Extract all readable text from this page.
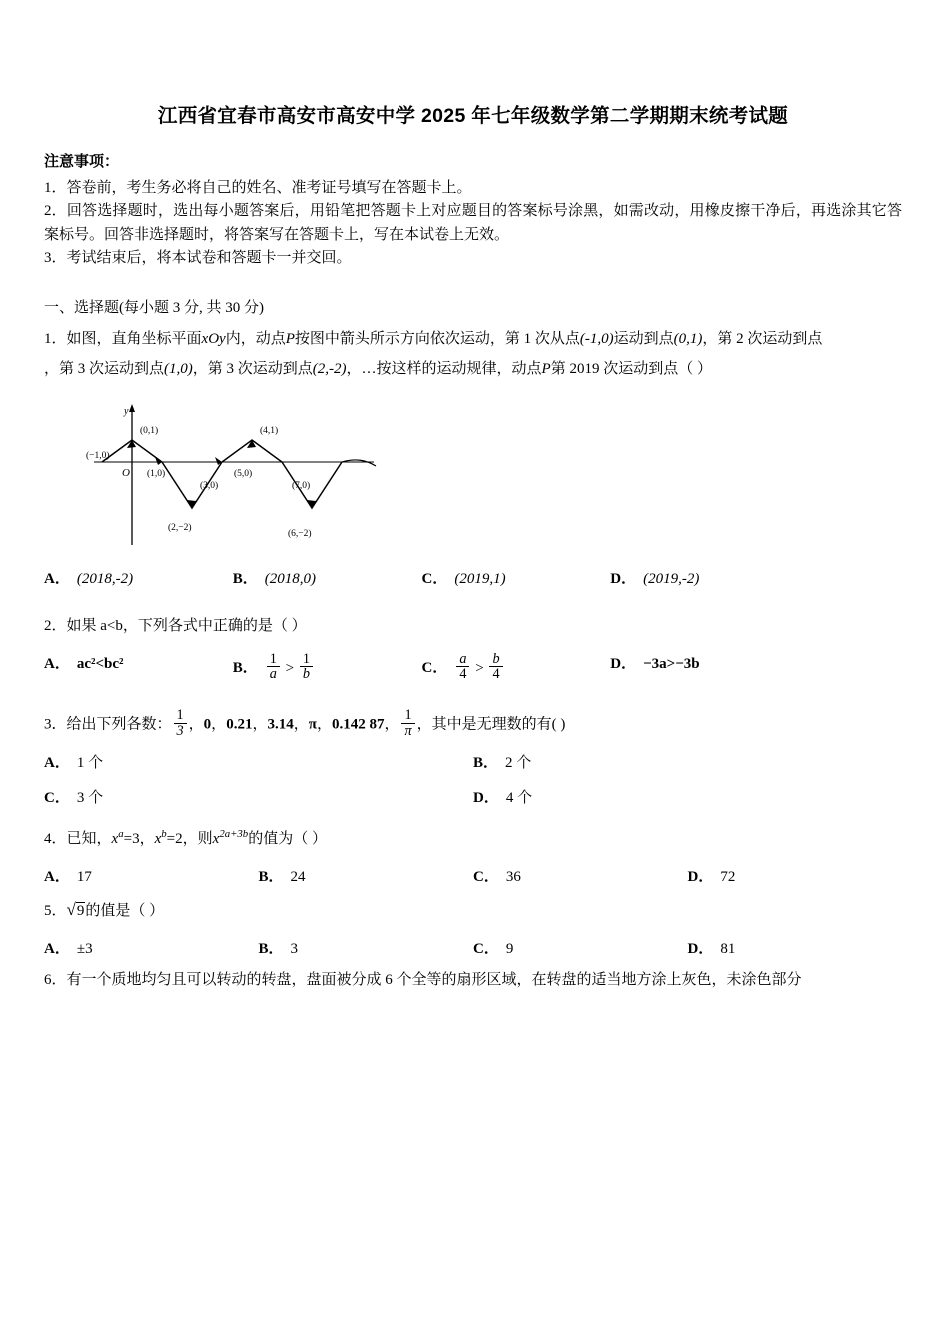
江西省宜春市高安市高安中学 2025 年七年级数学第二学期期末统考试题
注意事项：

1．答卷前，考生务必将自己的姓名、准考证号填写在答题卡上。

2．回答选择题时，选出每小题答案后，用铅笔把答题卡上对应题目的答案标号涂黑，如需改动，用橡皮擦干净后，再选涂其它答案标号。回答非选择题时，将答案写在答题卡上，写在本试卷上无效。

3．考试结束后，将本试卷和答题卡一并交回。

一、选择题(每小题 3 分, 共 30 分)

1．如图，直角坐标平面xOy内，动点P按图中箭头所示方向依次运动，第 1 次从点(-1,0)运动到点(0,1)，第 2 次运动到点

，第 3 次运动到点(1,0)，第 3 次运动到点(2,-2)，…按这样的运动规律，动点P第 2019 次运动到点（ ）

y
O
(0,1)	(4,1)
(−1,0)
(1,0)
(3,0)
(5,0)
(7,0)
(2,−2)
(6,−2)
A． (2018,-2)	B． (2018,0)	C． (2019,1)	D． (2019,-2)

2．如果 a<b，下列各式中正确的是（ ）

A． ac²<bc²	B． $\frac{1}{a} > \frac{1}{b}$	C． $\frac{a}{4} > \frac{b}{4}$	D． −3a>−3b

3．给出下列各数： $\frac{1}{3}$ ，0，0.21，3.14，π，0.142 87， $\frac{1}{\pi}$ ，其中是无理数的有( )

A． 1 个	B． 2 个
C． 3 个	D． 4 个

4．已知，$x^a=3$，$x^b=2$，则$x^{2a+3b}$的值为（ ）

A． 17	B． 24	C． 36	D． 72

5．√9的值是（ ）

A． ±3	B． 3	C． 9	D． 81

6．有一个质地均匀且可以转动的转盘，盘面被分成 6 个全等的扇形区域，在转盘的适当地方涂上灰色，未涂色部分
